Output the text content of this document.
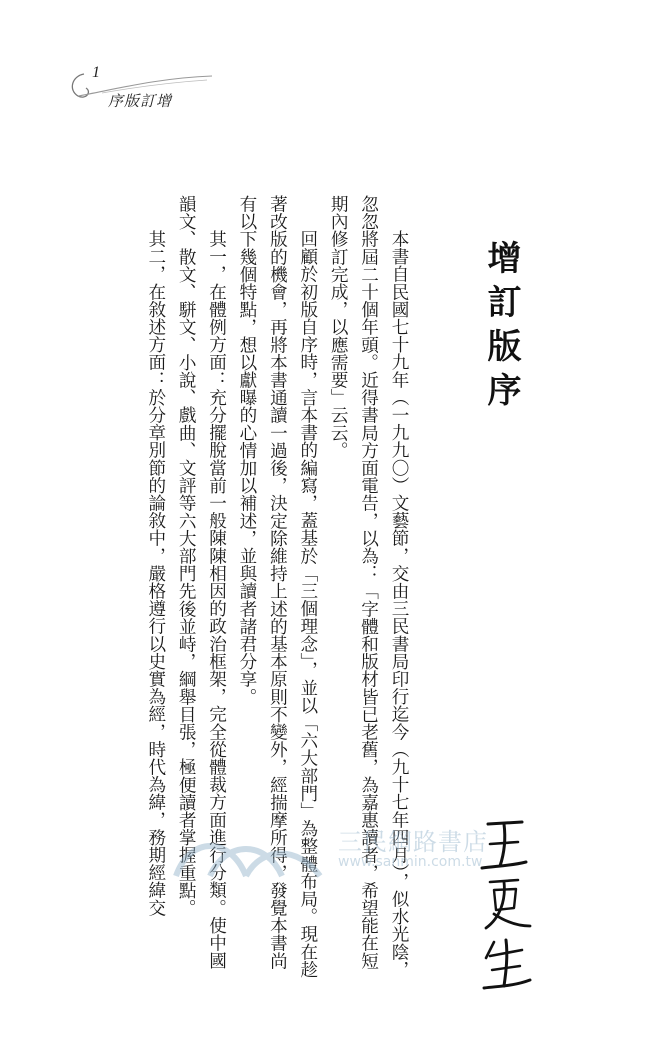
1
序版訂增
增訂版序

本書自民國七十九年（一九九〇）文藝節，交由三民書局印行迄今（九十七年四月），似水光陰，忽忽將屆二十個年頭。近得書局方面電告，以為：「字體和版材皆已老舊，為嘉惠讀者，希望能在短期內修訂完成，以應需要」云云。

回顧於初版自序時，言本書的編寫，蓋基於「三個理念」，並以「六大部門」為整體布局。現在趁著改版的機會，再將本書通讀一過後，決定除維持上述的基本原則不變外，經揣摩所得，發覺本書尚有以下幾個特點，想以獻曝的心情加以補述，並與讀者諸君分享。

其一，在體例方面：充分擺脫當前一般陳陳相因的政治框架，完全從體裁方面進行分類。使中國韻文、散文、駢文、小說、戲曲、文評等六大部門先後並峙，綱舉目張，極便讀者掌握重點。

其二，在敘述方面：於分章別節的論敘中，嚴格遵行以史實為經，時代為緯，務期經緯交	三民網路書店
www.sanmin.com.tw
